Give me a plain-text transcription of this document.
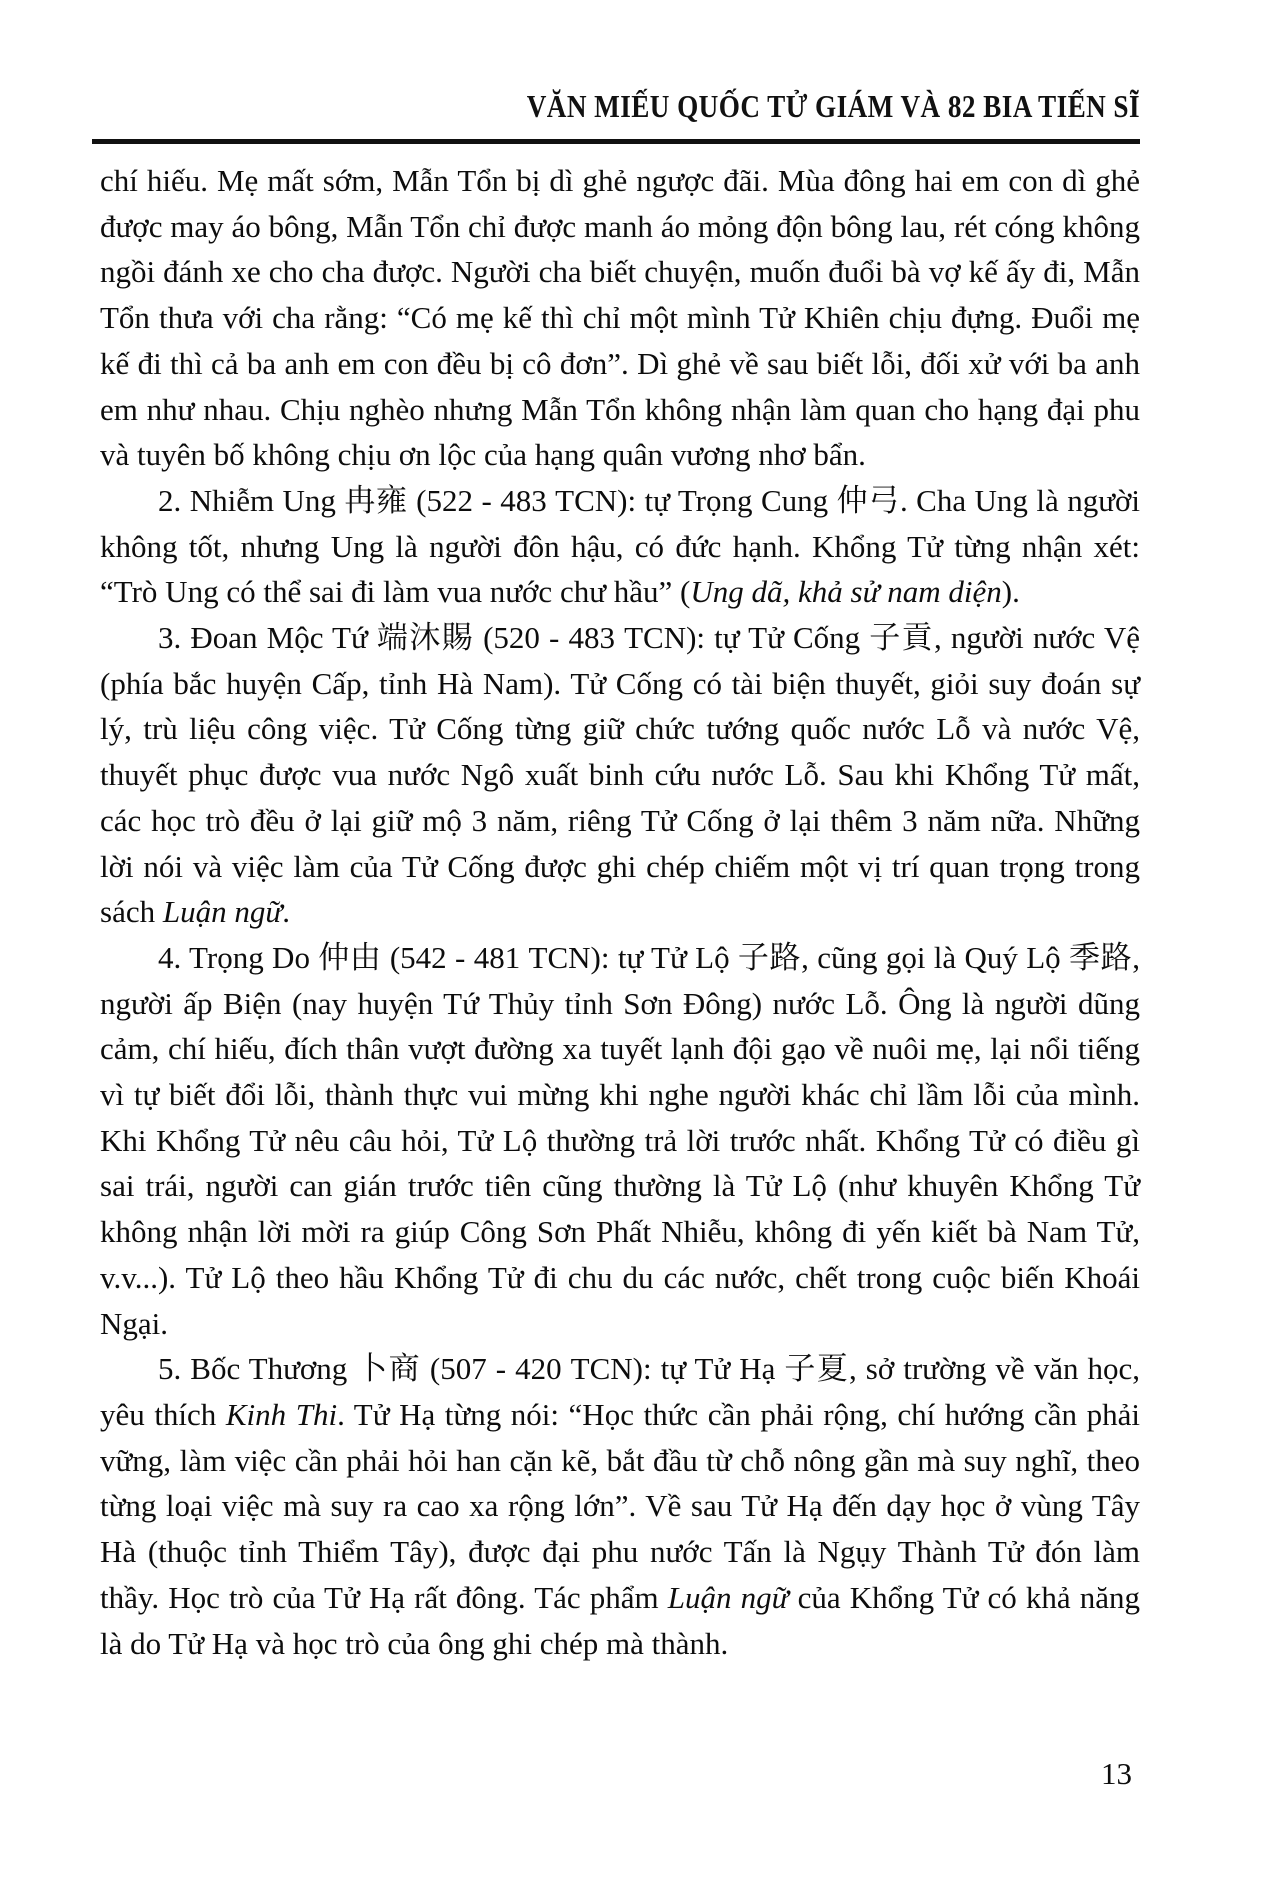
VĂN MIẾU QUỐC TỬ GIÁM VÀ 82 BIA TIẾN SĨ

chí hiếu. Mẹ mất sớm, Mẫn Tổn bị dì ghẻ ngược đãi. Mùa đông hai em con dì ghẻ được may áo bông, Mẫn Tổn chỉ được manh áo mỏng độn bông lau, rét cóng không ngồi đánh xe cho cha được. Người cha biết chuyện, muốn đuổi bà vợ kế ấy đi, Mẫn Tổn thưa với cha rằng: “Có mẹ kế thì chỉ một mình Tử Khiên chịu đựng. Đuổi mẹ kế đi thì cả ba anh em con đều bị cô đơn”. Dì ghẻ về sau biết lỗi, đối xử với ba anh em như nhau. Chịu nghèo nhưng Mẫn Tổn không nhận làm quan cho hạng đại phu và tuyên bố không chịu ơn lộc của hạng quân vương nhơ bẩn.

2. Nhiễm Ung 冉雍 (522 - 483 TCN): tự Trọng Cung 仲弓. Cha Ung là người không tốt, nhưng Ung là người đôn hậu, có đức hạnh. Khổng Tử từng nhận xét: “Trò Ung có thể sai đi làm vua nước chư hầu” (Ung dã, khả sử nam diện).

3. Đoan Mộc Tứ 端沐賜 (520 - 483 TCN): tự Tử Cống 子貢, người nước Vệ (phía bắc huyện Cấp, tỉnh Hà Nam). Tử Cống có tài biện thuyết, giỏi suy đoán sự lý, trù liệu công việc. Tử Cống từng giữ chức tướng quốc nước Lỗ và nước Vệ, thuyết phục được vua nước Ngô xuất binh cứu nước Lỗ. Sau khi Khổng Tử mất, các học trò đều ở lại giữ mộ 3 năm, riêng Tử Cống ở lại thêm 3 năm nữa. Những lời nói và việc làm của Tử Cống được ghi chép chiếm một vị trí quan trọng trong sách Luận ngữ.

4. Trọng Do 仲由 (542 - 481 TCN): tự Tử Lộ 子路, cũng gọi là Quý Lộ 季路, người ấp Biện (nay huyện Tứ Thủy tỉnh Sơn Đông) nước Lỗ. Ông là người dũng cảm, chí hiếu, đích thân vượt đường xa tuyết lạnh đội gạo về nuôi mẹ, lại nổi tiếng vì tự biết đổi lỗi, thành thực vui mừng khi nghe người khác chỉ lầm lỗi của mình. Khi Khổng Tử nêu câu hỏi, Tử Lộ thường trả lời trước nhất. Khổng Tử có điều gì sai trái, người can gián trước tiên cũng thường là Tử Lộ (như khuyên Khổng Tử không nhận lời mời ra giúp Công Sơn Phất Nhiễu, không đi yến kiết bà Nam Tử, v.v...). Tử Lộ theo hầu Khổng Tử đi chu du các nước, chết trong cuộc biến Khoái Ngại.

5. Bốc Thương 卜商 (507 - 420 TCN): tự Tử Hạ 子夏, sở trường về văn học, yêu thích Kinh Thi. Tử Hạ từng nói: “Học thức cần phải rộng, chí hướng cần phải vững, làm việc cần phải hỏi han cặn kẽ, bắt đầu từ chỗ nông gần mà suy nghĩ, theo từng loại việc mà suy ra cao xa rộng lớn”. Về sau Tử Hạ đến dạy học ở vùng Tây Hà (thuộc tỉnh Thiểm Tây), được đại phu nước Tấn là Ngụy Thành Tử đón làm thầy. Học trò của Tử Hạ rất đông. Tác phẩm Luận ngữ của Khổng Tử có khả năng là do Tử Hạ và học trò của ông ghi chép mà thành.

13
